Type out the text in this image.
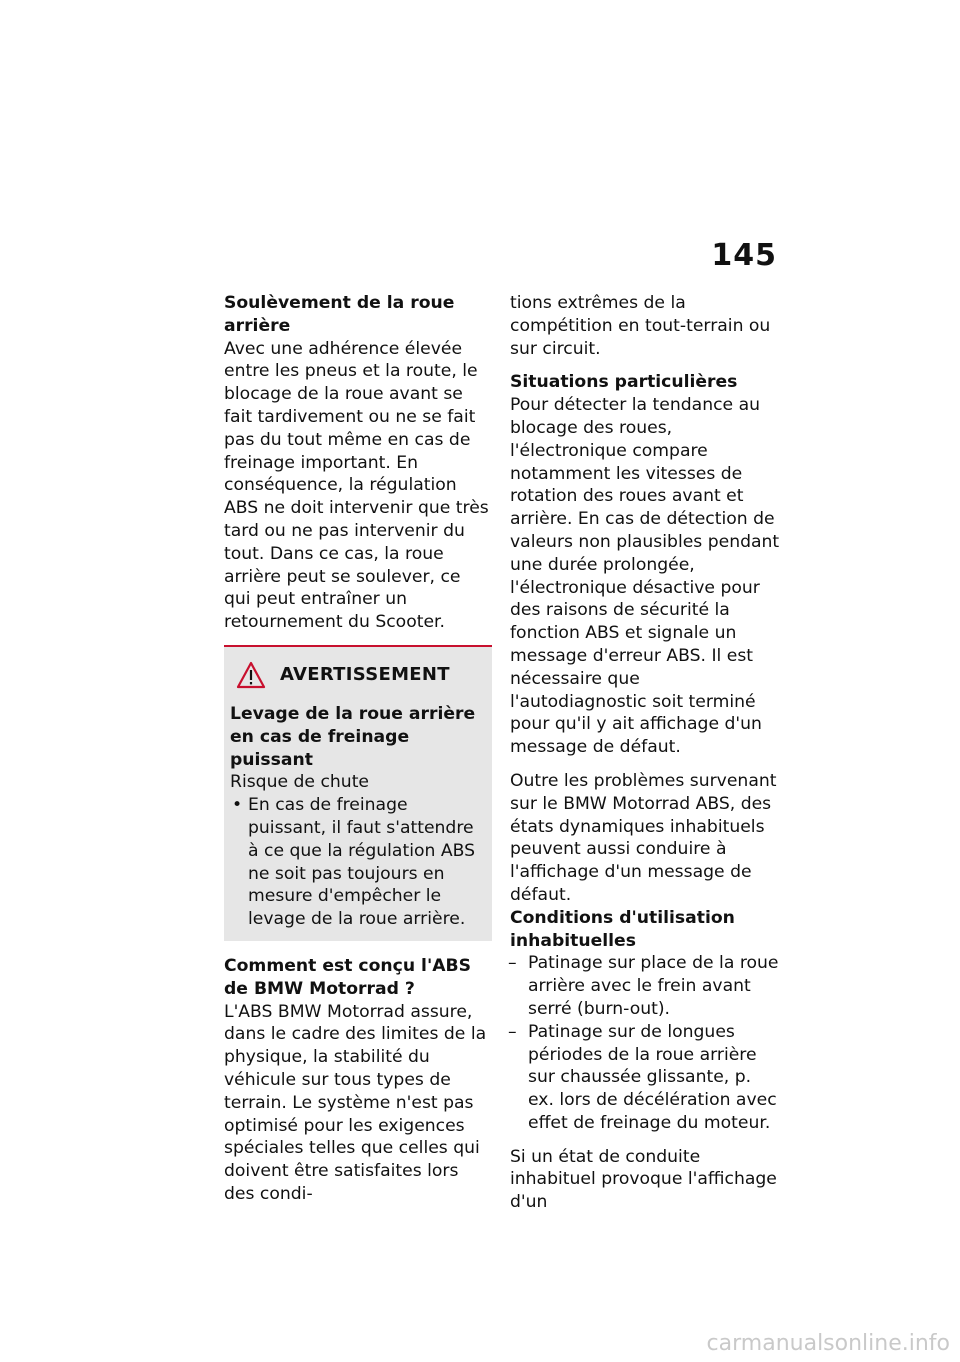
145
Soulèvement de la roue arrière

Avec une adhérence élevée entre les pneus et la route, le blocage de la roue avant se fait tardivement ou ne se fait pas du tout même en cas de freinage important. En conséquence, la régulation ABS ne doit intervenir que très tard ou ne pas intervenir du tout. Dans ce cas, la roue arrière peut se soulever, ce qui peut entraîner un retournement du Scooter.

AVERTISSEMENT
Levage de la roue arrière en cas de freinage puissant
Risque de chute
• En cas de freinage puissant, il faut s'attendre à ce que la régulation ABS ne soit pas toujours en mesure d'empêcher le levage de la roue arrière.
Comment est conçu l'ABS de BMW Motorrad ?

L'ABS BMW Motorrad assure, dans le cadre des limites de la physique, la stabilité du véhicule sur tous types de terrain. Le système n'est pas optimisé pour les exigences spéciales telles que celles qui doivent être satisfaites lors des condi-

tions extrêmes de la compétition en tout-terrain ou sur circuit.

Situations particulières

Pour détecter la tendance au blocage des roues, l'électronique compare notamment les vitesses de rotation des roues avant et arrière. En cas de détection de valeurs non plausibles pendant une durée prolongée, l'électronique désactive pour des raisons de sécurité la fonction ABS et signale un message d'erreur ABS. Il est nécessaire que l'autodiagnostic soit terminé pour qu'il y ait affichage d'un message de défaut.

Outre les problèmes survenant sur le BMW Motorrad ABS, des états dynamiques inhabituels peuvent aussi conduire à l'affichage d'un message de défaut.

Conditions d'utilisation inhabituelles
– Patinage sur place de la roue arrière avec le frein avant serré (burn-out).
– Patinage sur de longues périodes de la roue arrière sur chaussée glissante, p. ex. lors de décélération avec effet de freinage du moteur.

Si un état de conduite inhabituel provoque l'affichage d'un

carmanualsonline.info
